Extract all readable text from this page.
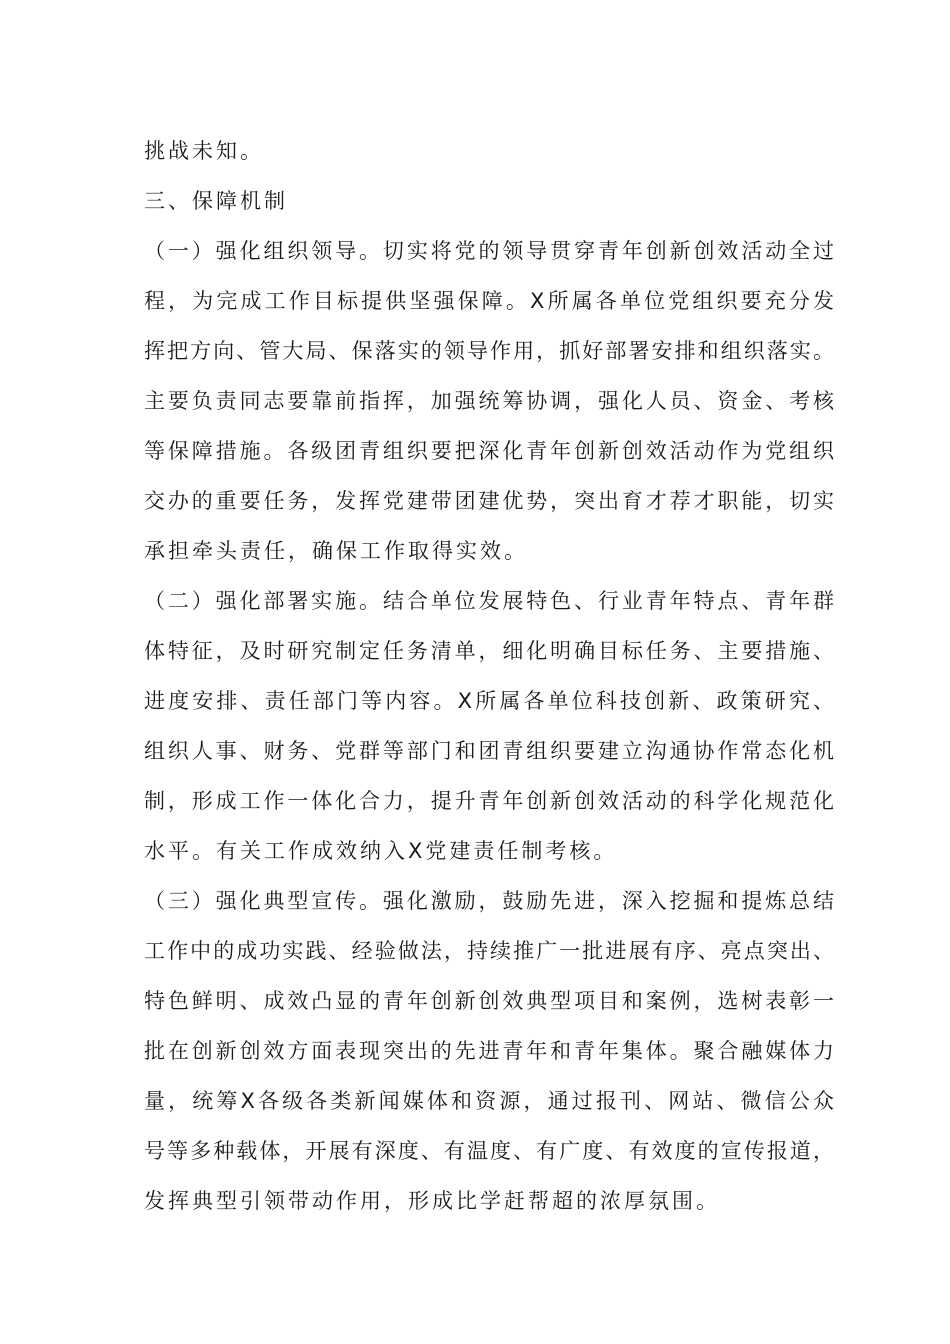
挑战未知。
三、保障机制
（一）强化组织领导。切实将党的领导贯穿青年创新创效活动全过
程，为完成工作目标提供坚强保障。X所属各单位党组织要充分发
挥把方向、管大局、保落实的领导作用，抓好部署安排和组织落实。
主要负责同志要靠前指挥，加强统筹协调，强化人员、资金、考核
等保障措施。各级团青组织要把深化青年创新创效活动作为党组织
交办的重要任务，发挥党建带团建优势，突出育才荐才职能，切实
承担牵头责任，确保工作取得实效。
（二）强化部署实施。结合单位发展特色、行业青年特点、青年群
体特征，及时研究制定任务清单，细化明确目标任务、主要措施、
进度安排、责任部门等内容。X所属各单位科技创新、政策研究、
组织人事、财务、党群等部门和团青组织要建立沟通协作常态化机
制，形成工作一体化合力，提升青年创新创效活动的科学化规范化
水平。有关工作成效纳入X党建责任制考核。
（三）强化典型宣传。强化激励，鼓励先进，深入挖掘和提炼总结
工作中的成功实践、经验做法，持续推广一批进展有序、亮点突出、
特色鲜明、成效凸显的青年创新创效典型项目和案例，选树表彰一
批在创新创效方面表现突出的先进青年和青年集体。聚合融媒体力
量，统筹X各级各类新闻媒体和资源，通过报刊、网站、微信公众
号等多种载体，开展有深度、有温度、有广度、有效度的宣传报道，
发挥典型引领带动作用，形成比学赶帮超的浓厚氛围。
